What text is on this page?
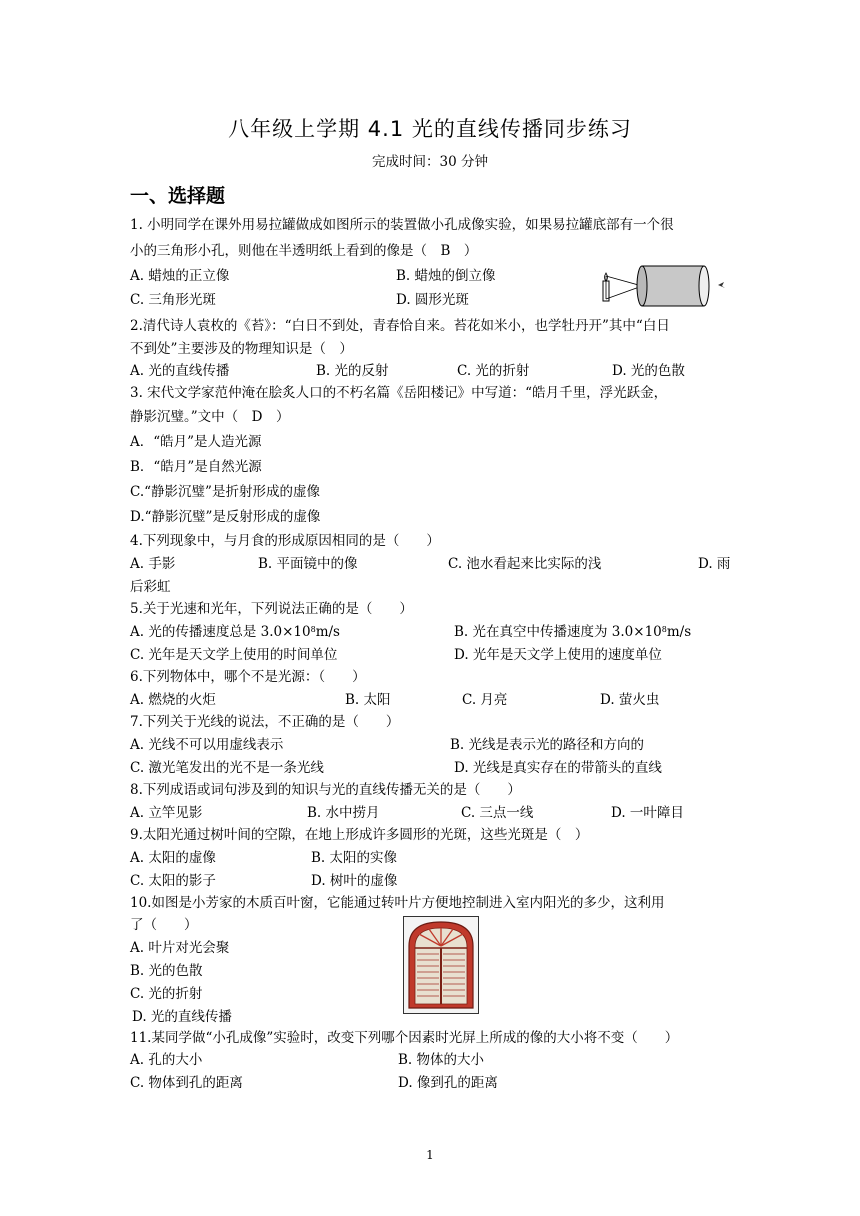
八年级上学期 4.1 光的直线传播同步练习
完成时间：30 分钟
一、选择题
1. 小明同学在课外用易拉罐做成如图所示的装置做小孔成像实验，如果易拉罐底部有一个很
小的三角形小孔，则他在半透明纸上看到的像是（　B　）
A. 蜡烛的正立像	B. 蜡烛的倒立像
C. 三角形光斑	D. 圆形光斑
2.清代诗人袁枚的《苔》：“白日不到处，青春恰自来。苔花如米小，也学牡丹开”其中“白日
不到处”主要涉及的物理知识是（　）
A. 光的直线传播	B. 光的反射	C. 光的折射	D. 光的色散
3. 宋代文学家范仲淹在脍炙人口的不朽名篇《岳阳楼记》中写道：“皓月千里，浮光跃金，
静影沉璧。”文中（　D　）
A．“皓月”是人造光源
B．“皓月”是自然光源
C.“静影沉璧”是折射形成的虚像
D.“静影沉璧”是反射形成的虚像
4.下列现象中，与月食的形成原因相同的是（　　）
A. 手影	B. 平面镜中的像	C. 池水看起来比实际的浅	D. 雨
后彩虹
5.关于光速和光年，下列说法正确的是（　　）
A. 光的传播速度总是 $3.0\times 10^8m/s$	B. 光在真空中传播速度为 $3.0\times 10^8m/s$
C. 光年是天文学上使用的时间单位	D. 光年是天文学上使用的速度单位
6.下列物体中，哪个不是光源：（　　）
A. 燃烧的火炬	B. 太阳	C. 月亮	D. 萤火虫
7.下列关于光线的说法，不正确的是（　　）
A. 光线不可以用虚线表示	B. 光线是表示光的路径和方向的
C. 激光笔发出的光不是一条光线	D. 光线是真实存在的带箭头的直线
8.下列成语或词句涉及到的知识与光的直线传播无关的是（　　）
A. 立竿见影	B. 水中捞月	C. 三点一线	D. 一叶障目
9.太阳光通过树叶间的空隙，在地上形成许多圆形的光斑，这些光斑是（　）
A. 太阳的虚像	B. 太阳的实像
C. 太阳的影子	D. 树叶的虚像
10.如图是小芳家的木质百叶窗，它能通过转叶片方便地控制进入室内阳光的多少，这利用
了（　　）
A. 叶片对光会聚
B. 光的色散
C. 光的折射
D. 光的直线传播
11.某同学做“小孔成像”实验时，改变下列哪个因素时光屏上所成的像的大小将不变（　　）
A. 孔的大小	B. 物体的大小
C. 物体到孔的距离	D. 像到孔的距离
1
